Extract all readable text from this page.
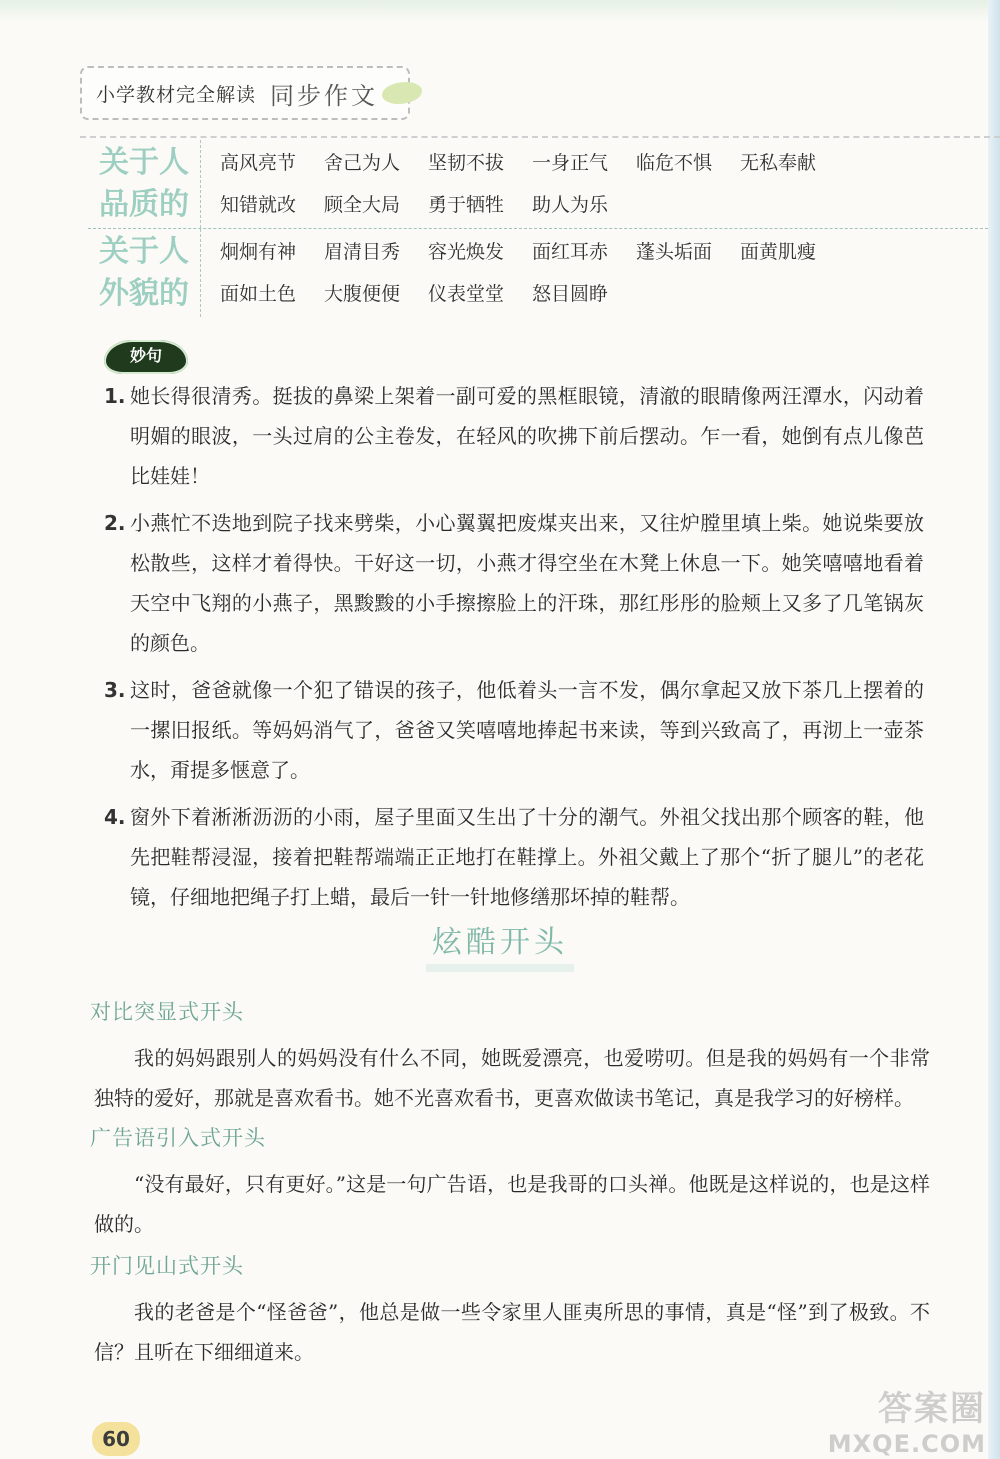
小学教材完全解读 同步作文
关于人
品质的
高风亮节	舍己为人	坚韧不拔	一身正气	临危不惧	无私奉献
知错就改	顾全大局	勇于牺牲	助人为乐
关于人
外貌的
炯炯有神	眉清目秀	容光焕发	面红耳赤	蓬头垢面	面黄肌瘦
面如土色	大腹便便	仪表堂堂	怒目圆睁
妙句
1. 她长得很清秀。挺拔的鼻梁上架着一副可爱的黑框眼镜，清澈的眼睛像两汪潭水，闪动着明媚的眼波，一头过肩的公主卷发，在轻风的吹拂下前后摆动。乍一看，她倒有点儿像芭比娃娃！
2. 小燕忙不迭地到院子找来劈柴，小心翼翼把废煤夹出来，又往炉膛里填上柴。她说柴要放松散些，这样才着得快。干好这一切，小燕才得空坐在木凳上休息一下。她笑嘻嘻地看着天空中飞翔的小燕子，黑黢黢的小手擦擦脸上的汗珠，那红彤彤的脸颊上又多了几笔锅灰的颜色。
3. 这时，爸爸就像一个犯了错误的孩子，他低着头一言不发，偶尔拿起又放下茶几上摆着的一摞旧报纸。等妈妈消气了，爸爸又笑嘻嘻地捧起书来读，等到兴致高了，再沏上一壶茶水，甭提多惬意了。
4. 窗外下着淅淅沥沥的小雨，屋子里面又生出了十分的潮气。外祖父找出那个顾客的鞋，他先把鞋帮浸湿，接着把鞋帮端端正正地打在鞋撑上。外祖父戴上了那个“折了腿儿”的老花镜，仔细地把绳子打上蜡，最后一针一针地修缮那坏掉的鞋帮。
炫酷开头
对比突显式开头
我的妈妈跟别人的妈妈没有什么不同，她既爱漂亮，也爱唠叨。但是我的妈妈有一个非常独特的爱好，那就是喜欢看书。她不光喜欢看书，更喜欢做读书笔记，真是我学习的好榜样。
广告语引入式开头
“没有最好，只有更好。”这是一句广告语，也是我哥的口头禅。他既是这样说的，也是这样做的。
开门见山式开头
我的老爸是个“怪爸爸”，他总是做一些令家里人匪夷所思的事情，真是“怪”到了极致。不信？且听在下细细道来。
60
答案圈
MXQE.COM
